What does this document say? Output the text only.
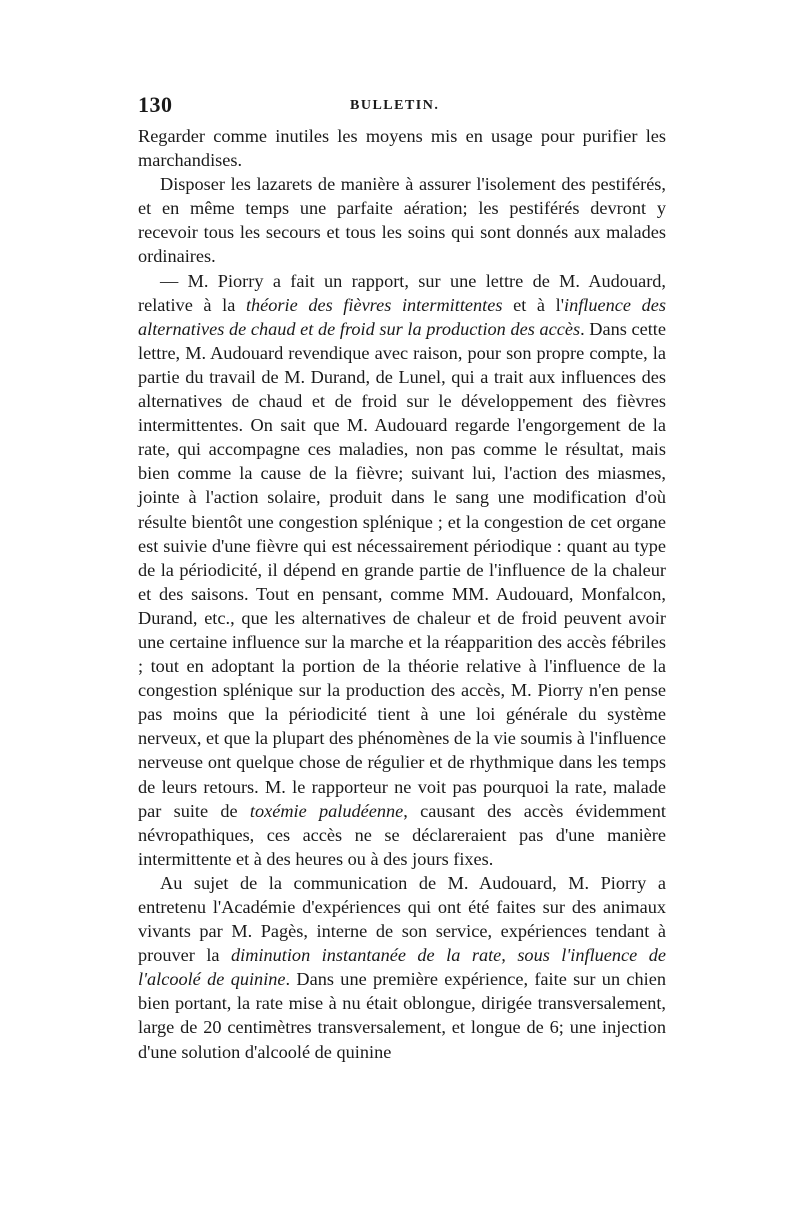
130	BULLETIN.

Regarder comme inutiles les moyens mis en usage pour purifier les marchandises.

Disposer les lazarets de manière à assurer l'isolement des pestiférés, et en même temps une parfaite aération; les pestiférés devront y recevoir tous les secours et tous les soins qui sont donnés aux malades ordinaires.

— M. Piorry a fait un rapport, sur une lettre de M. Audouard, relative à la théorie des fièvres intermittentes et à l'influence des alternatives de chaud et de froid sur la production des accès. Dans cette lettre, M. Audouard revendique avec raison, pour son propre compte, la partie du travail de M. Durand, de Lunel, qui a trait aux influences des alternatives de chaud et de froid sur le développement des fièvres intermittentes. On sait que M. Audouard regarde l'engorgement de la rate, qui accompagne ces maladies, non pas comme le résultat, mais bien comme la cause de la fièvre; suivant lui, l'action des miasmes, jointe à l'action solaire, produit dans le sang une modification d'où résulte bientôt une congestion splénique ; et la congestion de cet organe est suivie d'une fièvre qui est nécessairement périodique : quant au type de la périodicité, il dépend en grande partie de l'influence de la chaleur et des saisons. Tout en pensant, comme MM. Audouard, Monfalcon, Durand, etc., que les alternatives de chaleur et de froid peuvent avoir une certaine influence sur la marche et la réapparition des accès fébriles ; tout en adoptant la portion de la théorie relative à l'influence de la congestion splénique sur la production des accès, M. Piorry n'en pense pas moins que la périodicité tient à une loi générale du système nerveux, et que la plupart des phénomènes de la vie soumis à l'influence nerveuse ont quelque chose de régulier et de rhythmique dans les temps de leurs retours. M. le rapporteur ne voit pas pourquoi la rate, malade par suite de toxémie paludéenne, causant des accès évidemment névropathiques, ces accès ne se déclareraient pas d'une manière intermittente et à des heures ou à des jours fixes.

Au sujet de la communication de M. Audouard, M. Piorry a entretenu l'Académie d'expériences qui ont été faites sur des animaux vivants par M. Pagès, interne de son service, expériences tendant à prouver la diminution instantanée de la rate, sous l'influence de l'alcoolé de quinine. Dans une première expérience, faite sur un chien bien portant, la rate mise à nu était oblongue, dirigée transversalement, large de 20 centimètres transversalement, et longue de 6; une injection d'une solution d'alcoolé de quinine
